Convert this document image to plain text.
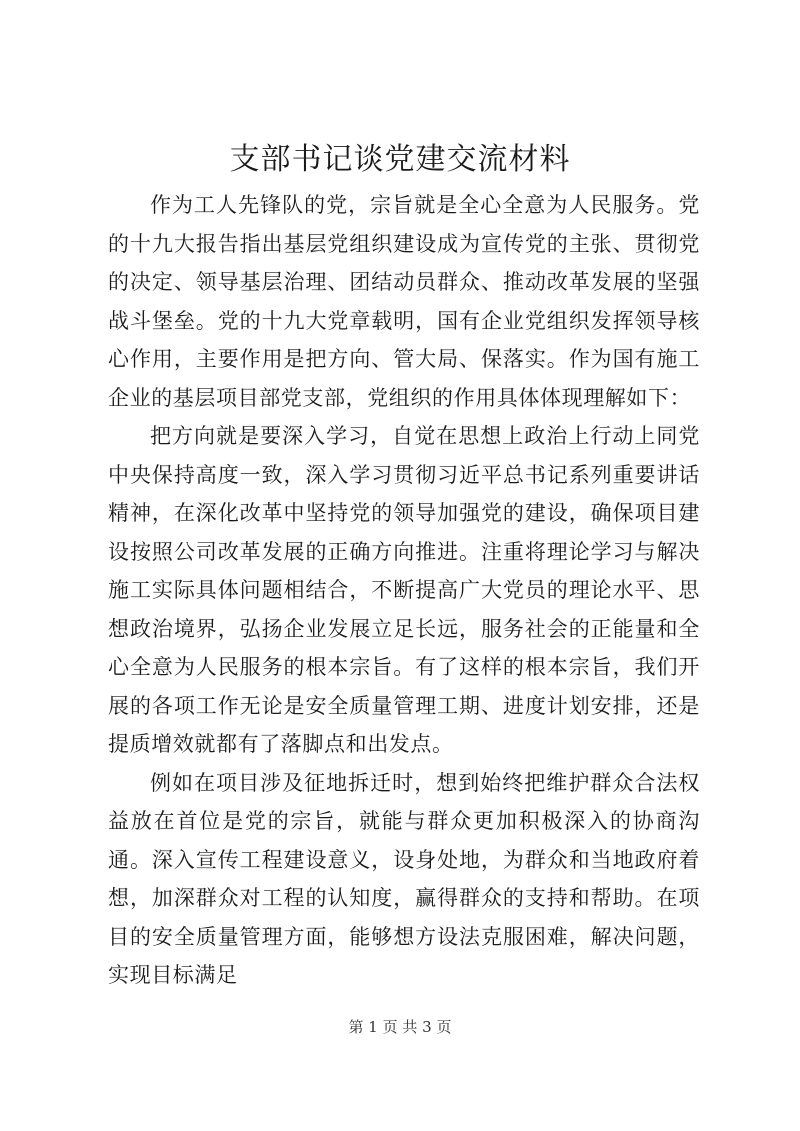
支部书记谈党建交流材料

作为工人先锋队的党，宗旨就是全心全意为人民服务。党的十九大报告指出基层党组织建设成为宣传党的主张、贯彻党的决定、领导基层治理、团结动员群众、推动改革发展的坚强战斗堡垒。党的十九大党章载明，国有企业党组织发挥领导核心作用，主要作用是把方向、管大局、保落实。作为国有施工企业的基层项目部党支部，党组织的作用具体体现理解如下：

把方向就是要深入学习，自觉在思想上政治上行动上同党中央保持高度一致，深入学习贯彻习近平总书记系列重要讲话精神，在深化改革中坚持党的领导加强党的建设，确保项目建设按照公司改革发展的正确方向推进。注重将理论学习与解决施工实际具体问题相结合，不断提高广大党员的理论水平、思想政治境界，弘扬企业发展立足长远，服务社会的正能量和全心全意为人民服务的根本宗旨。有了这样的根本宗旨，我们开展的各项工作无论是安全质量管理工期、进度计划安排，还是提质增效就都有了落脚点和出发点。

例如在项目涉及征地拆迁时，想到始终把维护群众合法权益放在首位是党的宗旨，就能与群众更加积极深入的协商沟通。深入宣传工程建设意义，设身处地，为群众和当地政府着想，加深群众对工程的认知度，赢得群众的支持和帮助。在项目的安全质量管理方面，能够想方设法克服困难，解决问题，实现目标满足

第 1 页 共 3 页
